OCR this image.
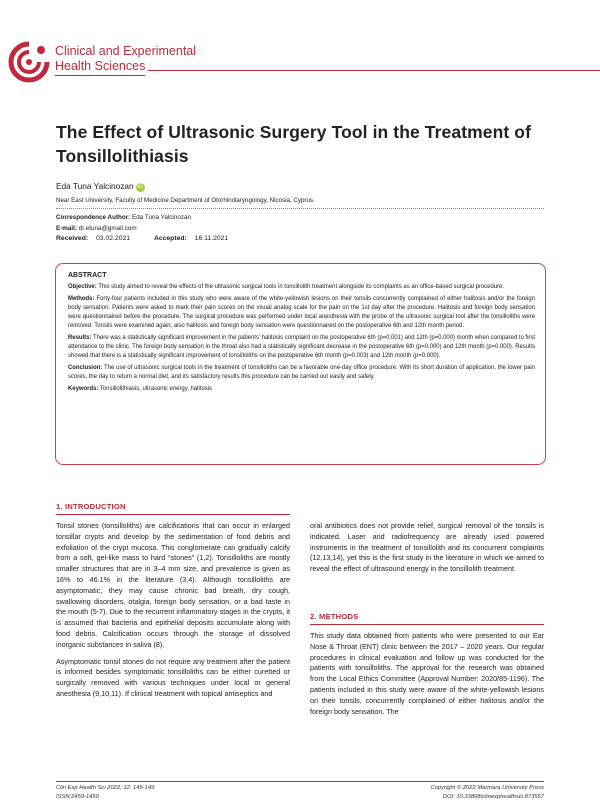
Clinical and Experimental
Health Sciences
The Effect of Ultrasonic Surgery Tool in the Treatment of Tonsillolithiasis
Eda Tuna Yalcinozan iD
Near East University, Faculty of Medicine Department of Otorhinolaryngology, Nicosia, Cyprus.
Correspondence Author: Eda Tuna Yalcinozan
E-mail: dr.etuna@gmail.com
Received: 03.02.2021	Accepted: 16.11.2021
ABSTRACT

Objective: This study aimed to reveal the effects of the ultrasonic surgical tools in tonsillolith treatment alongside its complaints as an office-based surgical procedure.

Methods: Forty-four patients included in this study who were aware of the white-yellowish lesions on their tonsils concurrently complained of either halitosis and/or the foreign body sensation. Patients were asked to mark their pain scores on the visual analog scale for the pain on the 1st day after the procedure. Halitosis and foreign body sensation were questionnaired before the procedure. The surgical procedure was performed under local anesthesia with the probe of the ultrasonic surgical tool after the tonsilloliths were removed. Tonsils were examined again, also halitosis and foreign body sensation were questionnaired on the postoperative 6th and 12th month period.

Results: There was a statistically significant improvement in the patients' halitosis complaint on the postoperative 6th (p=0.001) and 12th (p=0.000) month when compared to first attendance to the clinic. The foreign body sensation in the throat also had a statistically significant decrease in the postoperative 6th (p=0.000) and 12th month (p=0.000). Results showed that there is a statistically significant improvement of tonsilloliths on the postoperative 6th month (p=0.003) and 12th month (p=0.000).

Conclusion: The use of ultrasonic surgical tools in the treatment of tonsilloliths can be a favorable one-day office procedure. With its short duration of application, the lower pain scores, the day to return a normal diet, and its satisfactory results this procedure can be carried out easily and safely.

Keywords: Tonsillolithiasis, ultrasonic energy, halitosis

1. INTRODUCTION

Tonsil stones (tonsilloliths) are calcifications that can occur in enlarged tonsillar crypts and develop by the sedimentation of food debris and exfoliation of the crypt mucosa. This conglomerate can gradually calcify from a soft, gel-like mass to hard “stones” (1,2). Tonsilloliths are mostly smaller structures that are in 3–4 mm size, and prevalence is given as 16% to 46.1% in the literature (3,4). Although tonsilloliths are asymptomatic, they may cause chronic bad breath, dry cough, swallowing disorders, otalgia, foreign body sensation, or a bad taste in the mouth (5-7). Due to the recurrent inflammatory stages in the crypts, it is assumed that bacteria and epithelial deposits accumulate along with food debris. Calcification occurs through the storage of dissolved inorganic substances in saliva (8).

Asymptomatic tonsil stones do not require any treatment after the patient is informed besides symptomatic tonsilloliths can be either curetted or surgically removed with various techniques under local or general anesthesia (9,10,11). If clinical treatment with topical antiseptics and

oral antibiotics does not provide relief, surgical removal of the tonsils is indicated. Laser and radiofrequency are already used powered instruments in the treatment of tonsillolith and its concurrent complaints (12,13,14), yet this is the first study in the literature in which we aimed to reveal the effect of ultrasound energy in the tonsillolith treatment.
2. METHODS
This study data obtained from patients who were presented to our Ear Nose & Throat (ENT) clinic between the 2017 – 2020 years. Our regular procedures in clinical evaluation and follow up was conducted for the patients with tonsilloliths. The approval for the research was obtained from the Local Ethics Committee (Approval Number: 2020/85-1196). The patients included in this study were aware of the white-yellowish lesions on their tonsils, concurrently complained of either halitosis and/or the foreign body sensation. The
Clin Exp Health Sci 2022; 12: 145-149
ISSN:2459-1459
Copyright © 2022 Marmara University Press
DOI: 10.33808/clinexphealthsci.873557
